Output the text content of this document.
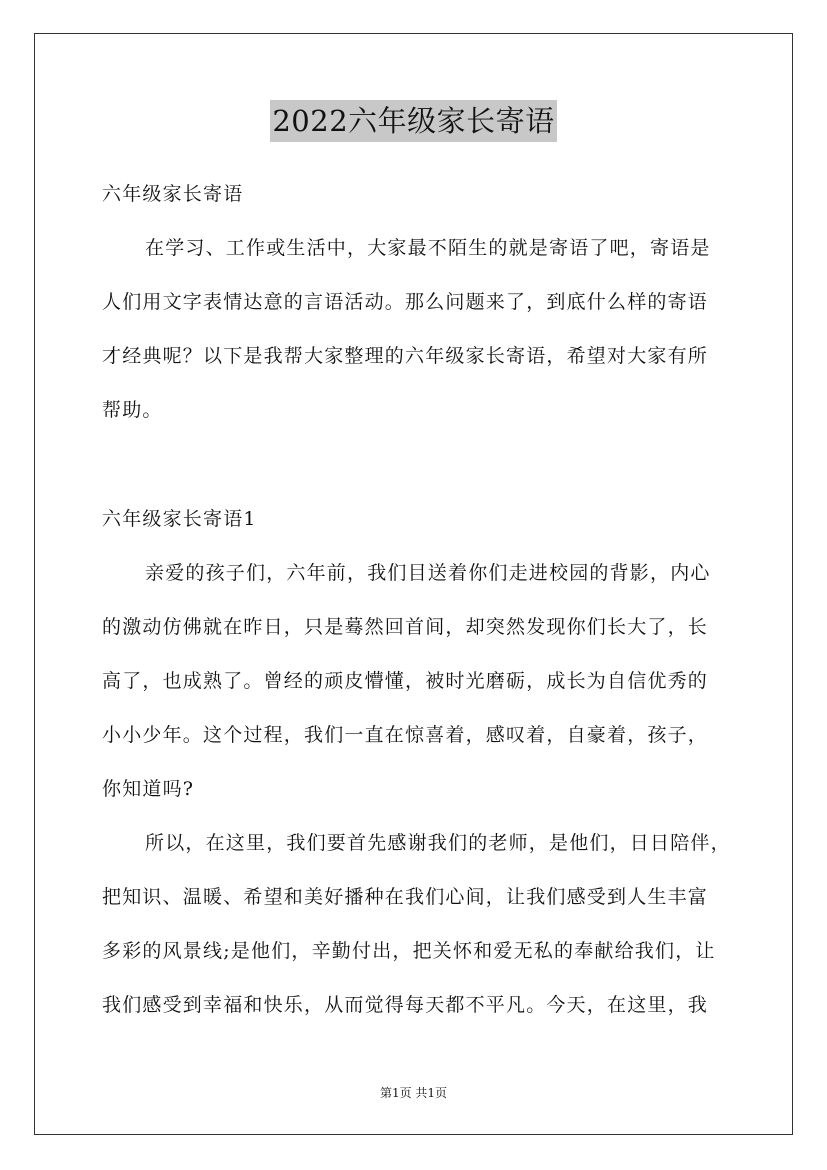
2022六年级家长寄语
六年级家长寄语
在学习、工作或生活中，大家最不陌生的就是寄语了吧，寄语是
人们用文字表情达意的言语活动。那么问题来了，到底什么样的寄语
才经典呢？以下是我帮大家整理的六年级家长寄语，希望对大家有所
帮助。
六年级家长寄语1
亲爱的孩子们，六年前，我们目送着你们走进校园的背影，内心
的激动仿佛就在昨日，只是蓦然回首间，却突然发现你们长大了，长
高了，也成熟了。曾经的顽皮懵懂，被时光磨砺，成长为自信优秀的
小小少年。这个过程，我们一直在惊喜着，感叹着，自豪着，孩子，
你知道吗?
所以，在这里，我们要首先感谢我们的老师，是他们，日日陪伴，
把知识、温暖、希望和美好播种在我们心间，让我们感受到人生丰富
多彩的风景线;是他们，辛勤付出，把关怀和爱无私的奉献给我们，让
我们感受到幸福和快乐，从而觉得每天都不平凡。今天，在这里，我
第1页 共1页
